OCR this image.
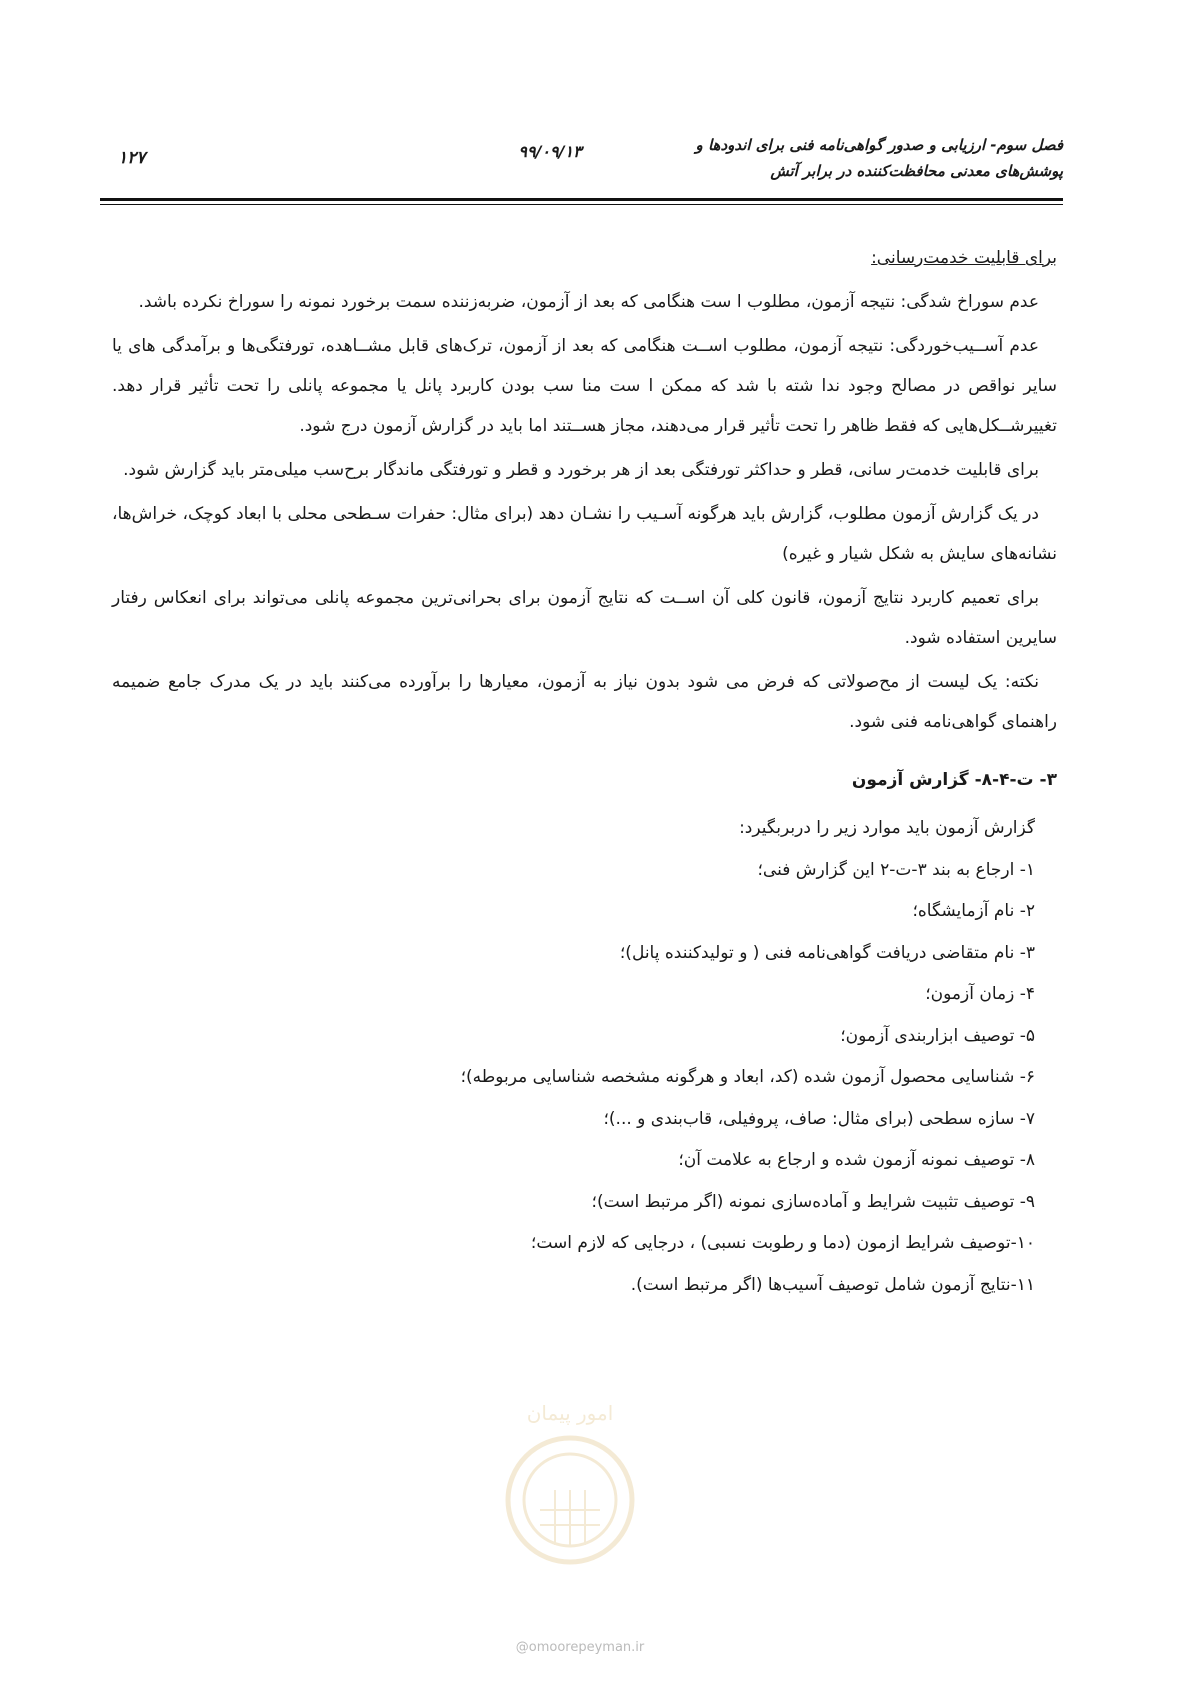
فصل سوم- ارزیابی و صدور گواهی‌نامه فنی برای اندودها و
پوشش‌های معدنی محافظت‌کننده در برابر آتش
۹۹/۰۹/۱۳
۱۲۷

برای قابلیت خدمت‌رسانی:

عدم سوراخ شدگی: نتیجه آزمون، مطلوب ا ست هنگامی که بعد از آزمون، ضربه‌زننده سمت برخورد نمونه را سوراخ نکرده باشد.

عدم آســیب‌خوردگی: نتیجه آزمون، مطلوب اســت هنگامی که بعد از آزمون، ترک‌های قابل مشــاهده، تورفتگی‌ها و برآمدگی‌ های یا سایر نواقص در مصالح وجود ندا شته با شد که ممکن ا ست منا سب بودن کاربرد پانل یا مجموعه پانلی را تحت تأثیر قرار دهد. تغییرشــکل‌هایی که فقط ظاهر را تحت تأثیر قرار می‌دهند، مجاز هســتند اما باید در گزارش آزمون درج شود.

برای قابلیت خدمت‌ر سانی، قطر و حداکثر تورفتگی بعد از هر برخورد و قطر و تورفتگی ماندگار برح‌سب میلی‌متر باید گزارش شود.

در یک گزارش آزمون مطلوب، گزارش باید هرگونه آسـیب را نشـان دهد (برای مثال: حفرات سـطحی محلی با ابعاد کوچک، خراش‌ها، نشانه‌های سایش به شکل شیار و غیره)

برای تعمیم کاربرد نتایج آزمون، قانون کلی آن اســت که نتایج آزمون برای بحرانی‌ترین مجموعه پانلی می‌تواند برای انعکاس رفتار سایرین استفاده شود.

نکته: یک لیست از مح‌صولاتی که فرض می شود بدون نیاز به آزمون، معیارها را برآورده می‌کنند باید در یک مدرک جامع ضمیمه راهنمای گواهی‌نامه فنی شود.

۳- ت-۴-۸- گزارش آزمون

گزارش آزمون باید موارد زیر را دربربگیرد:
۱- ارجاع به بند ۳-ت-۲ این گزارش فنی؛
۲- نام آزمایشگاه؛
۳- نام متقاضی دریافت گواهی‌نامه فنی ( و تولیدکننده پانل)؛
۴- زمان آزمون؛
۵- توصیف ابزاربندی آزمون؛
۶- شناسایی محصول آزمون شده (کد، ابعاد و هرگونه مشخصه شناسایی مربوطه)؛
۷- سازه سطحی (برای مثال: صاف، پروفیلی، قاب‌بندی و ...)؛
۸- توصیف نمونه آزمون شده و ارجاع به علامت آن؛
۹- توصیف تثبیت شرایط و آماده‌سازی نمونه (اگر مرتبط است)؛
۱۰-توصیف شرایط ازمون (دما و رطوبت نسبی) ، درجایی که لازم است؛
۱۱-نتایج آزمون شامل توصیف آسیب‌ها (اگر مرتبط است).
امور پیمان
@omoorepeyman.ir
